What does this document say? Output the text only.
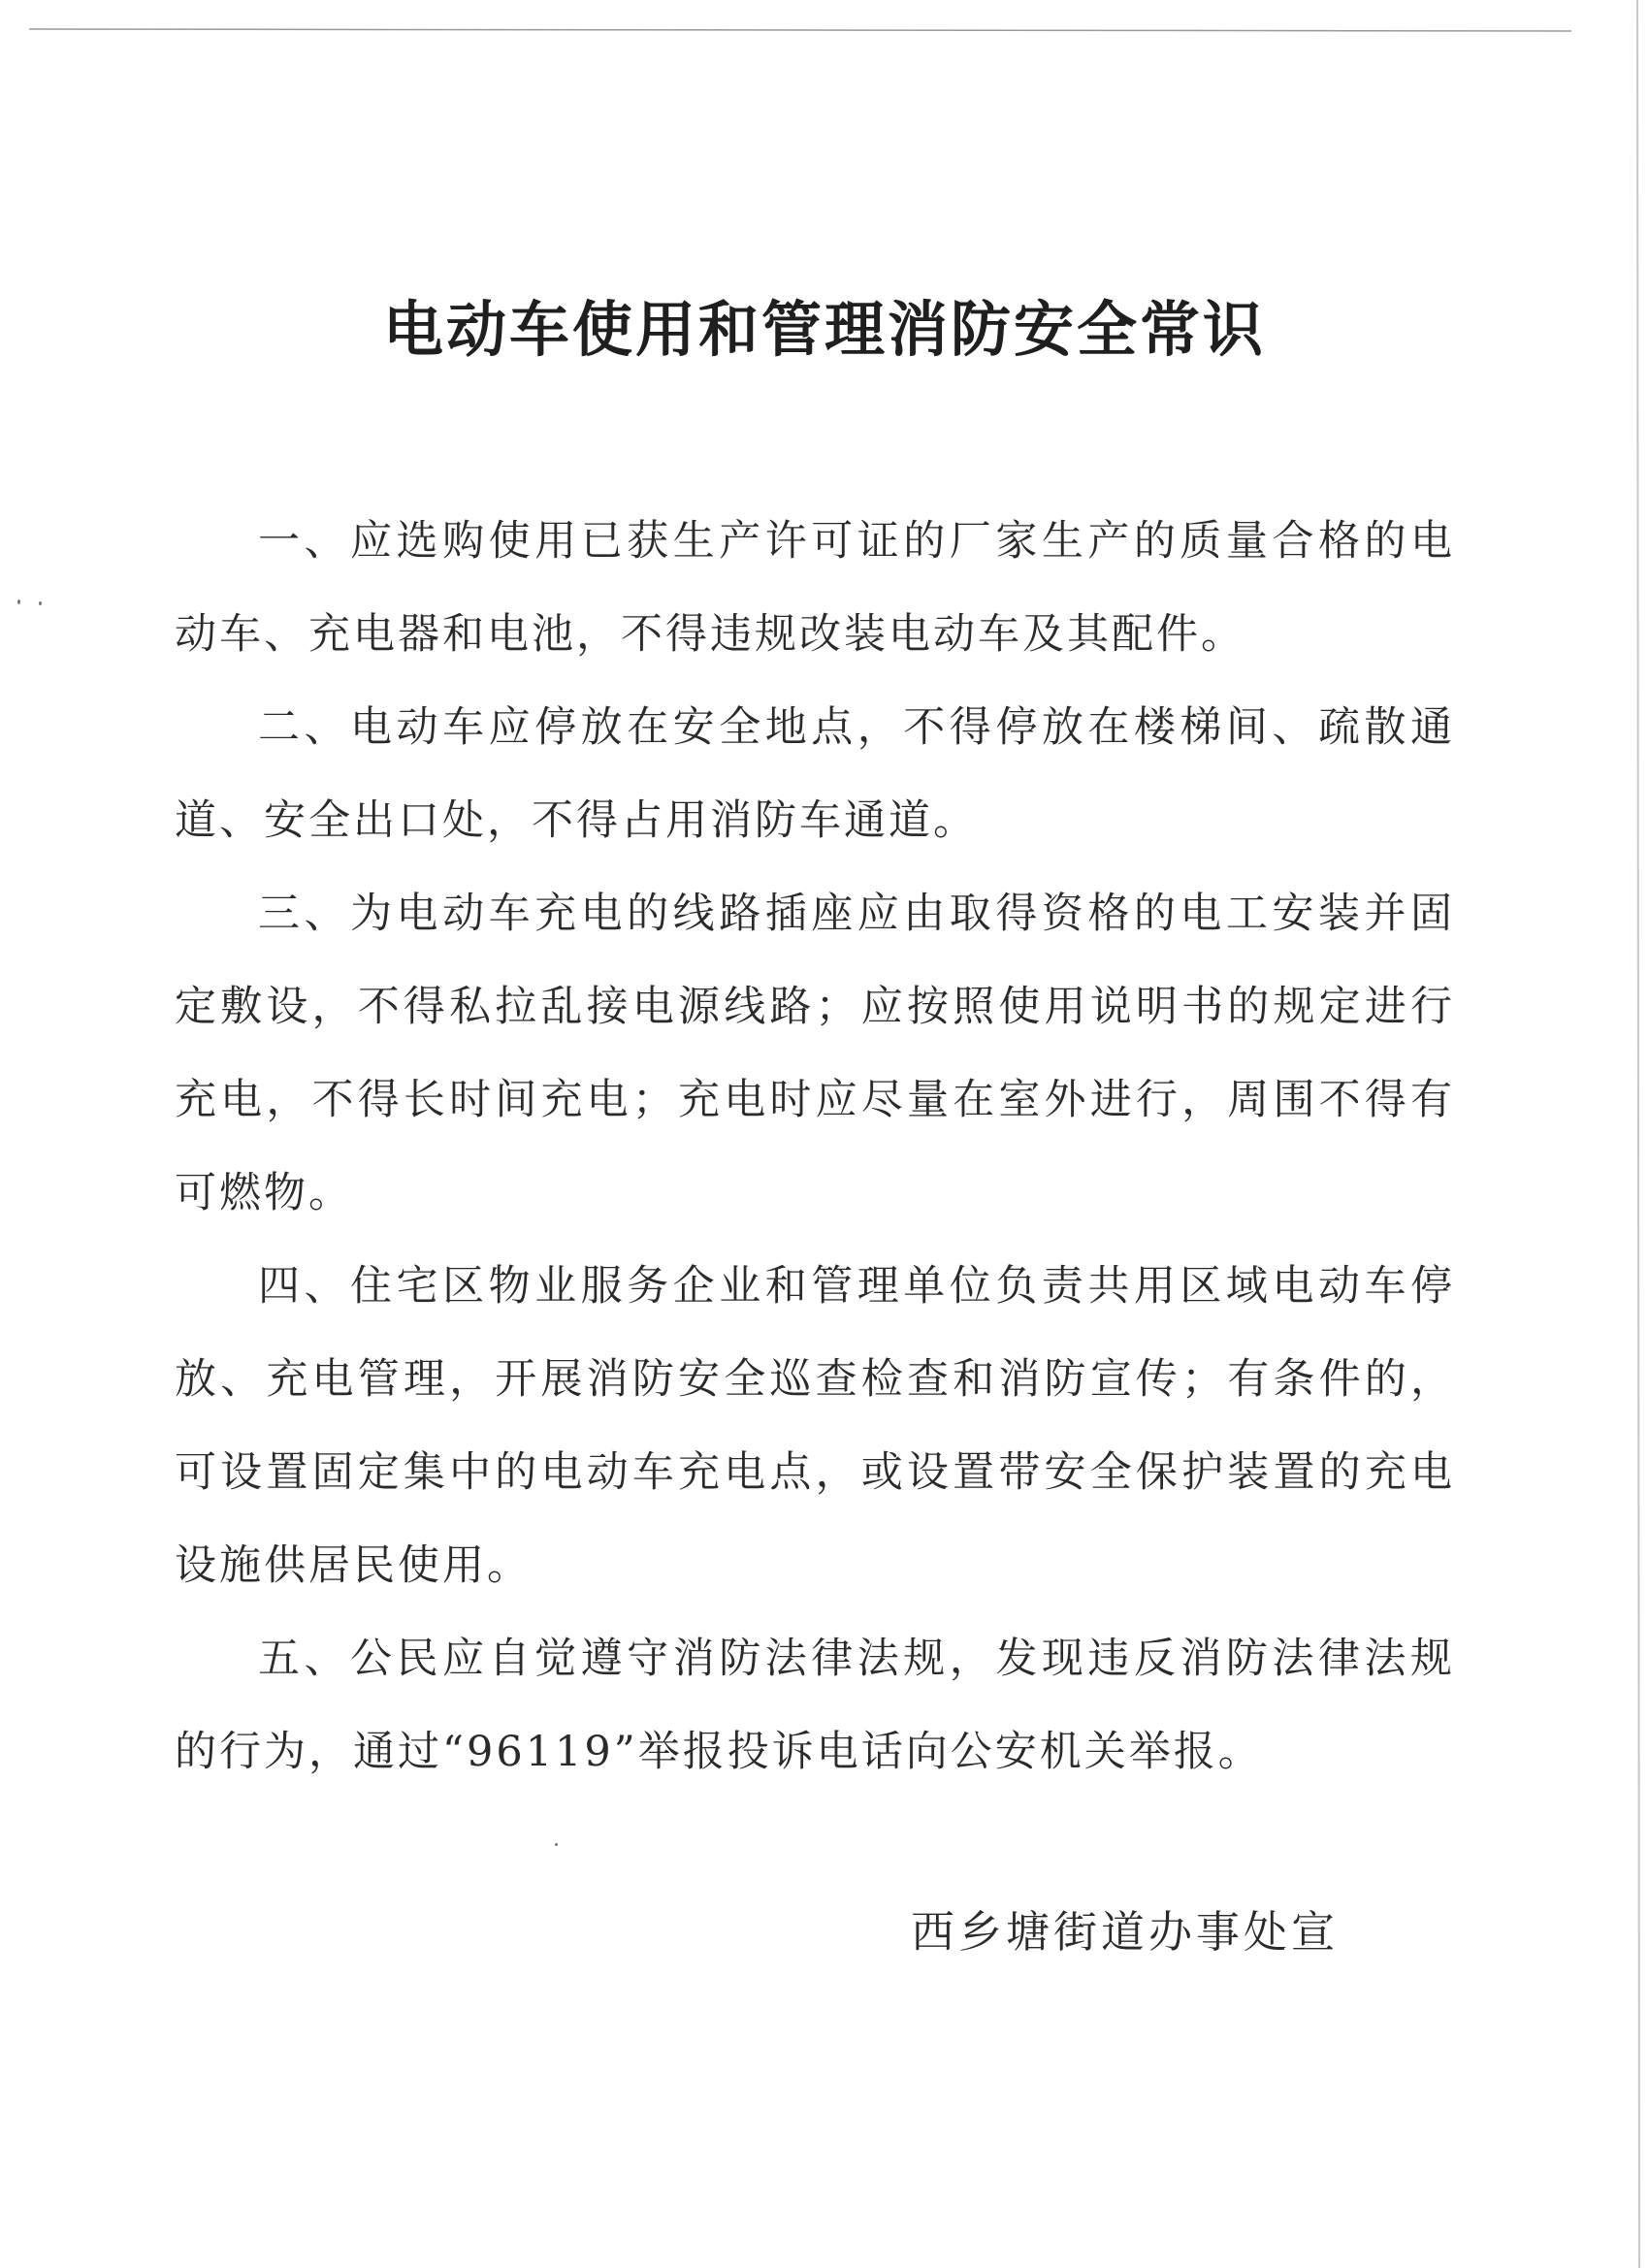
电动车使用和管理消防安全常识

一、应选购使用已获生产许可证的厂家生产的质量合格的电动车、充电器和电池，不得违规改装电动车及其配件。

二、电动车应停放在安全地点，不得停放在楼梯间、疏散通道、安全出口处，不得占用消防车通道。

三、为电动车充电的线路插座应由取得资格的电工安装并固定敷设，不得私拉乱接电源线路；应按照使用说明书的规定进行充电，不得长时间充电；充电时应尽量在室外进行，周围不得有可燃物。

四、住宅区物业服务企业和管理单位负责共用区域电动车停放、充电管理，开展消防安全巡查检查和消防宣传；有条件的，可设置固定集中的电动车充电点，或设置带安全保护装置的充电设施供居民使用。

五、公民应自觉遵守消防法律法规，发现违反消防法律法规的行为，通过“96119”举报投诉电话向公安机关举报。

西乡塘街道办事处宣
